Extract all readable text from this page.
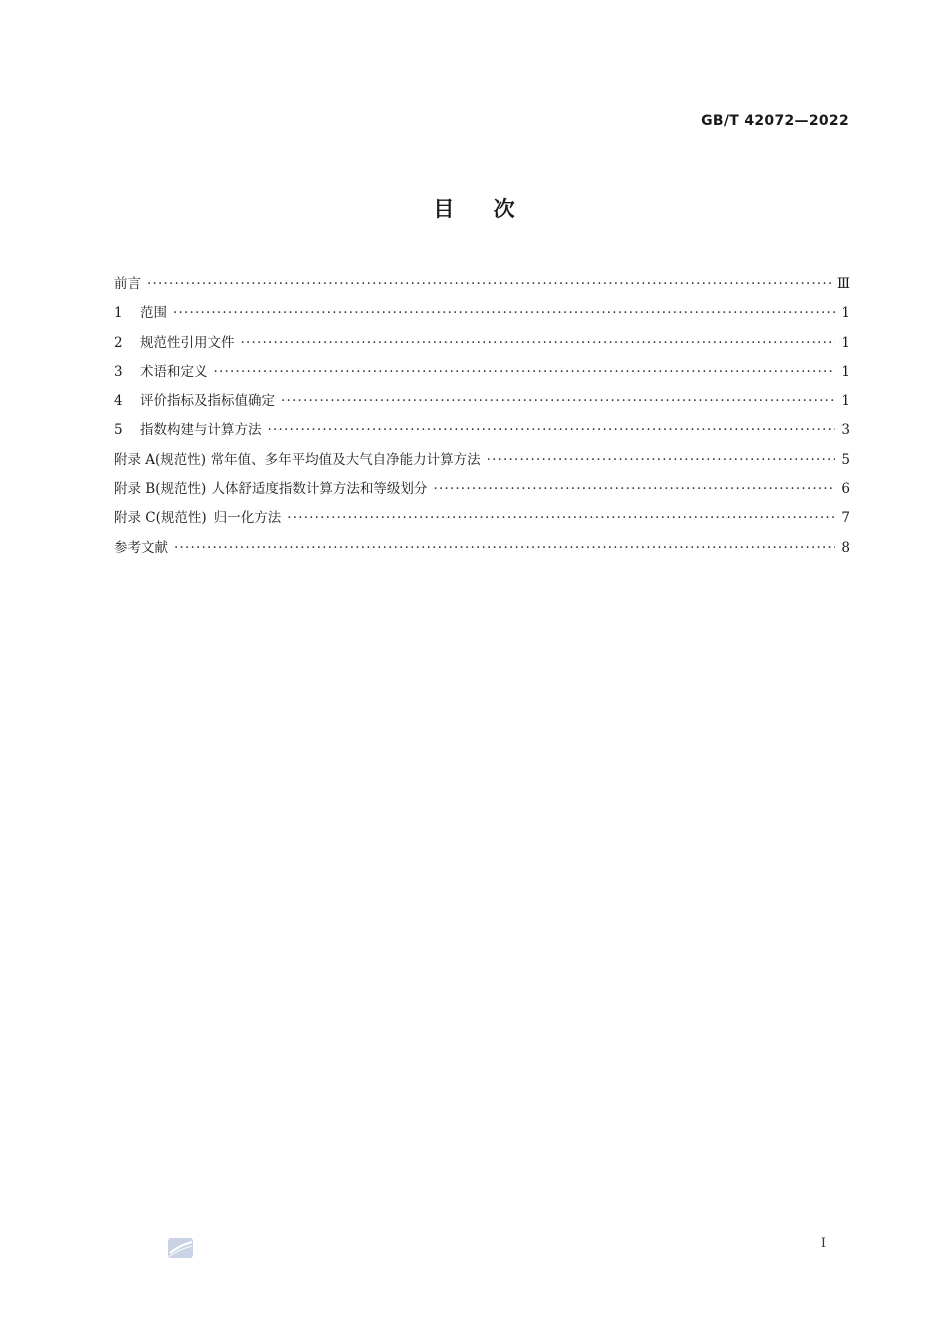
GB/T 42072—2022
目    次
前言 ·····	Ⅲ
1	范围 ·····	1
2	规范性引用文件 ·····	1
3	术语和定义 ·····	1
4	评价指标及指标值确定 ·····	1
5	指数构建与计算方法 ·····	3
附录 A(规范性) 常年值、多年平均值及大气自净能力计算方法 ·····	5
附录 B(规范性) 人体舒适度指数计算方法和等级划分 ·····	6
附录 C(规范性) 归一化方法 ·····	7
参考文献 ·····	8
I
